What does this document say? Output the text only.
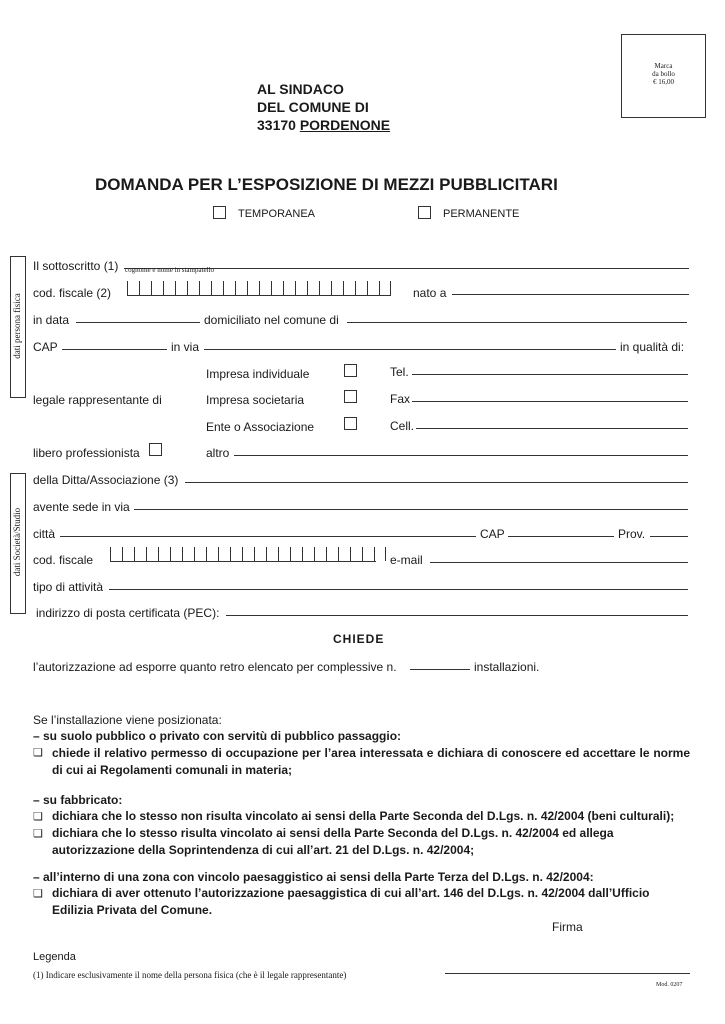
Marca
da bollo
€ 16,00
AL SINDACO
DEL COMUNE DI
33170 PORDENONE
DOMANDA PER L’ESPOSIZIONE DI MEZZI PUBBLICITARI
TEMPORANEA	PERMANENTE
dati persona fisica
Il sottoscritto (1) cognome e nome in stampatello
cod. fiscale (2)	nato a
in data	domiciliato nel comune di
CAP	in via	in qualità di:
Impresa individuale	Tel.
legale rappresentante di	Impresa societaria	Fax
Ente o Associazione	Cell.
libero professionista	altro
dati Società/Studio
della Ditta/Associazione (3)
avente sede in via
città	CAP	Prov.
cod. fiscale	e-mail
tipo di attività
indirizzo di posta certificata (PEC):
CHIEDE
l’autorizzazione ad esporre quanto retro elencato per complessive n.	installazioni.
Se l’installazione viene posizionata:
– su suolo pubblico o privato con servitù di pubblico passaggio:
❏ chiede il relativo permesso di occupazione per l’area interessata e dichiara di conoscere ed accettare le norme di cui ai Regolamenti comunali in materia;
– su fabbricato:
❏ dichiara che lo stesso non risulta vincolato ai sensi della Parte Seconda del D.Lgs. n. 42/2004 (beni culturali);
❏ dichiara che lo stesso risulta vincolato ai sensi della Parte Seconda del D.Lgs. n. 42/2004 ed allega autorizzazione della Soprintendenza di cui all’art. 21 del D.Lgs. n. 42/2004;
– all’interno di una zona con vincolo paesaggistico ai sensi della Parte Terza del D.Lgs. n. 42/2004:
❏ dichiara di aver ottenuto l’autorizzazione paesaggistica di cui all’art. 146 del D.Lgs. n. 42/2004 dall’Ufficio Edilizia Privata del Comune.
Firma
Legenda
(1) Indicare esclusivamente il nome della persona fisica (che è il legale rappresentante)
Mod. 0207
